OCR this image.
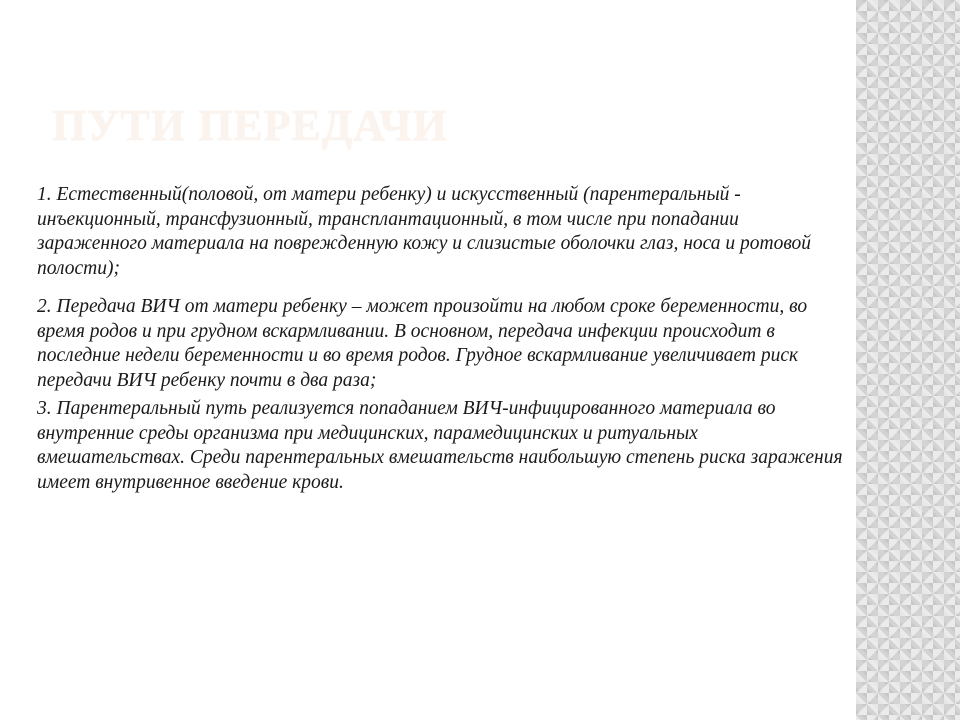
ПУТИ ПЕРЕДАЧИ

1. Естественный(половой, от матери ребенку) и искусственный (парентеральный - инъекционный, трансфузионный, трансплантационный, в том числе при попадании зараженного материала на поврежденную кожу и слизистые оболочки глаз, носа и ротовой полости);

2. Передача ВИЧ от матери ребенку – может произойти на любом сроке беременности, во время родов и при грудном вскармливании. В основном, передача инфекции происходит в последние недели беременности и во время родов. Грудное вскармливание увеличивает риск передачи ВИЧ ребенку почти в два раза;

3. Парентеральный путь реализуется попаданием ВИЧ-инфицированного материала во внутренние среды организма при медицинских, парамедицинских и ритуальных вмешательствах. Среди парентеральных вмешательств наибольшую степень риска заражения имеет внутривенное введение крови.
